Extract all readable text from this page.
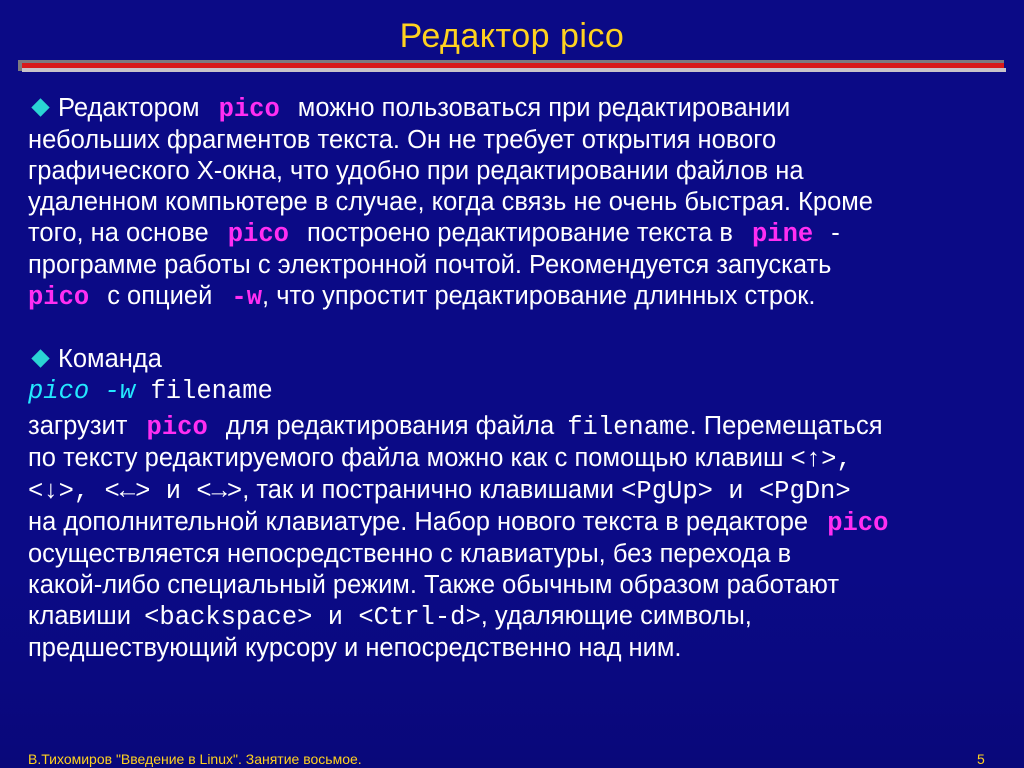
Редактор pico
Редактором pico можно пользоваться при редактировании
небольших фрагментов текста. Он не требует открытия нового
графического X-окна, что удобно при редактировании файлов на
удаленном компьютере в случае, когда связь не очень быстрая. Кроме
того, на основе pico построено редактирование текста в pine -
программе работы с электронной почтой. Рекомендуется запускать
pico с опцией -w, что упростит редактирование длинных строк.
Команда
pico -w filename

загрузит pico для редактирования файла filename. Перемещаться
по тексту редактируемого файла можно как с помощью клавиш <↑>,
<↓>, <←> и <→>, так и постранично клавишами <PgUp> и <PgDn>
на дополнительной клавиатуре. Набор нового текста в редакторе pico
осуществляется непосредственно с клавиатуры, без перехода в
какой-либо специальный режим. Также обычным образом работают
клавиши <backspace> и <Ctrl-d>, удаляющие символы,
предшествующий курсору и непосредственно над ним.
В.Тихомиров "Введение в Linux". Занятие восьмое.	5
